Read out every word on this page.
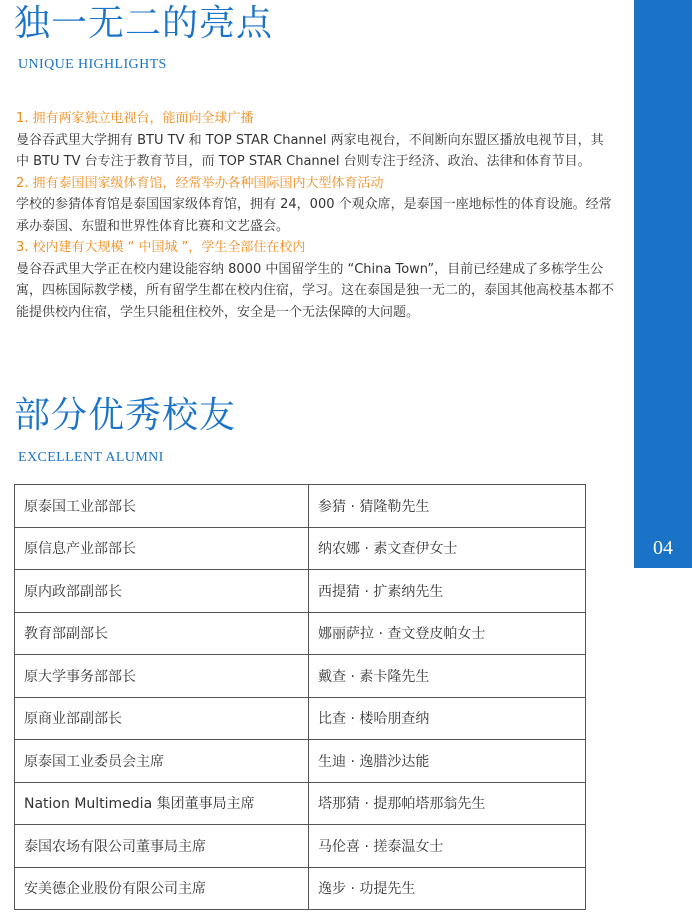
04
独一无二的亮点
UNIQUE HIGHLIGHTS
1. 拥有两家独立电视台，能面向全球广播
曼谷吞武里大学拥有 BTU TV 和 TOP STAR Channel 两家电视台，不间断向东盟区播放电视节目，其中 BTU TV 台专注于教育节目，而 TOP STAR Channel 台则专注于经济、政治、法律和体育节目。
2. 拥有泰国国家级体育馆，经常举办各种国际国内大型体育活动
学校的参猜体育馆是泰国国家级体育馆，拥有 24，000 个观众席，是泰国一座地标性的体育设施。经常承办泰国、东盟和世界性体育比赛和文艺盛会。
3. 校内建有大规模 “ 中国城 ”，学生全部住在校内
曼谷吞武里大学正在校内建设能容纳 8000 中国留学生的 “China Town”，目前已经建成了多栋学生公寓，四栋国际教学楼，所有留学生都在校内住宿，学习。这在泰国是独一无二的，泰国其他高校基本都不能提供校内住宿，学生只能租住校外，安全是一个无法保障的大问题。
部分优秀校友
EXCELLENT ALUMNI
原泰国工业部部长	参猜 · 猜隆勒先生
原信息产业部部长	纳农娜 · 素文查伊女士
原内政部副部长	西提猜 · 扩素纳先生
教育部副部长	娜丽萨拉 · 查文登皮帕女士
原大学事务部部长	戴查 · 素卡隆先生
原商业部副部长	比查 · 楼哈朋查纳
原泰国工业委员会主席	生迪 · 逸腊沙达能
Nation Multimedia 集团董事局主席	塔那猜 · 提那帕塔那翁先生
泰国农场有限公司董事局主席	马伦喜 · 搓泰温女士
安美德企业股份有限公司主席	逸步 · 功提先生
